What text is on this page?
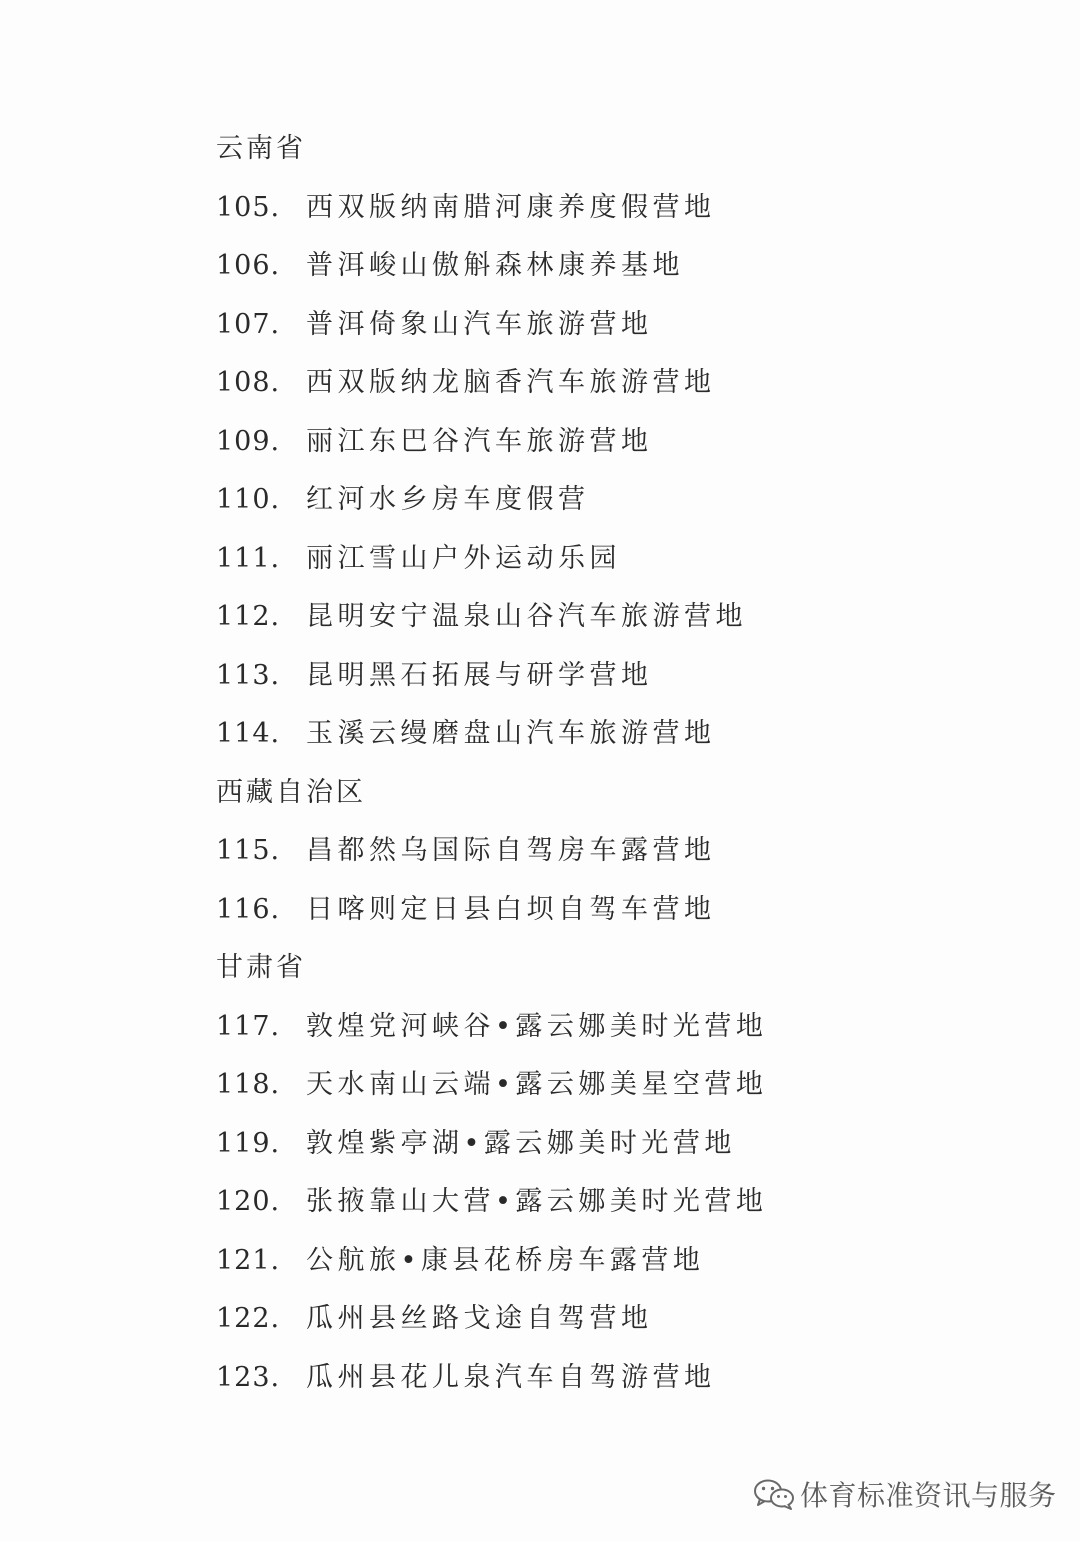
云南省
105. 西双版纳南腊河康养度假营地
106. 普洱峻山傲斛森林康养基地
107. 普洱倚象山汽车旅游营地
108. 西双版纳龙脑香汽车旅游营地
109. 丽江东巴谷汽车旅游营地
110. 红河水乡房车度假营
111. 丽江雪山户外运动乐园
112. 昆明安宁温泉山谷汽车旅游营地
113. 昆明黑石拓展与研学营地
114. 玉溪云缦磨盘山汽车旅游营地
西藏自治区
115. 昌都然乌国际自驾房车露营地
116. 日喀则定日县白坝自驾车营地
甘肃省
117. 敦煌党河峡谷•露云娜美时光营地
118. 天水南山云端•露云娜美星空营地
119. 敦煌紫亭湖•露云娜美时光营地
120. 张掖靠山大营•露云娜美时光营地
121. 公航旅•康县花桥房车露营地
122. 瓜州县丝路戈途自驾营地
123. 瓜州县花儿泉汽车自驾游营地
体育标准资讯与服务
